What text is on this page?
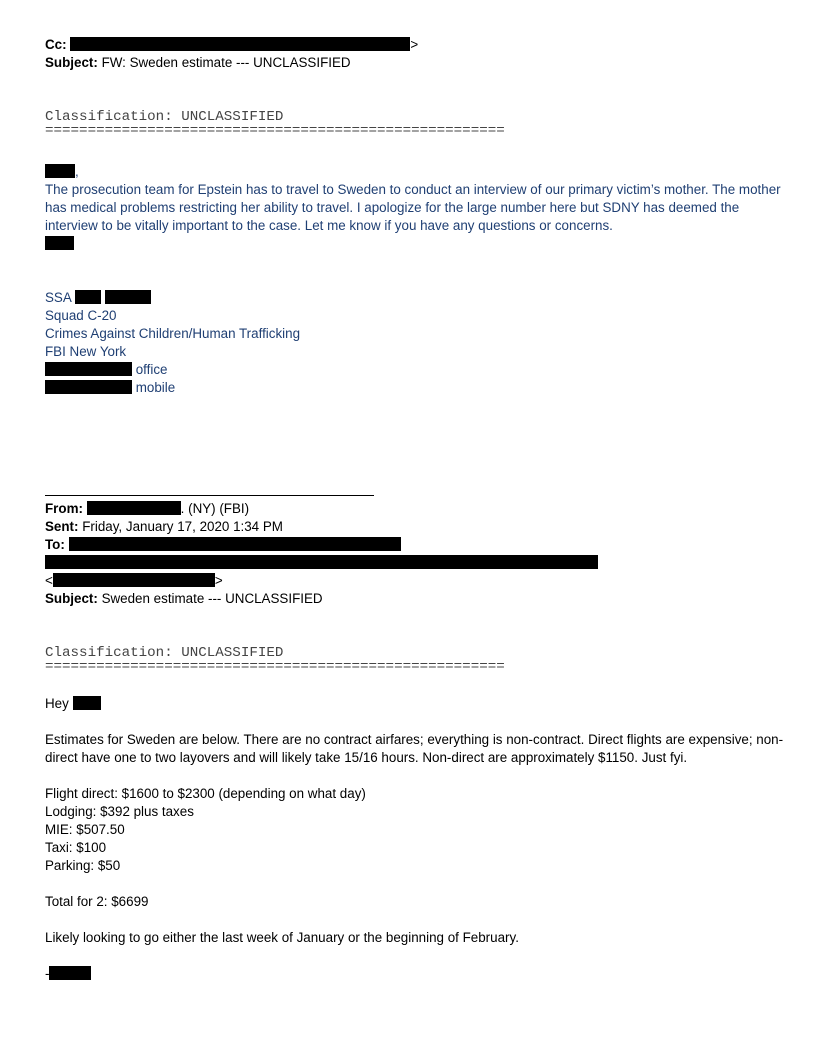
Cc:	>
Subject: FW: Sweden estimate --- UNCLASSIFIED
Classification: UNCLASSIFIED
======================================================
,
The prosecution team for Epstein has to travel to Sweden to conduct an interview of our primary victim’s mother. The mother has medical problems restricting her ability to travel. I apologize for the large number here but SDNY has deemed the interview to be vitally important to the case. Let me know if you have any questions or concerns.
SSA
Squad C-20
Crimes Against Children/Human Trafficking
FBI New York
office
mobile
From:	. (NY) (FBI)
Sent: Friday, January 17, 2020 1:34 PM
To:
<	>
Subject: Sweden estimate --- UNCLASSIFIED
Classification: UNCLASSIFIED
======================================================
Hey
Estimates for Sweden are below. There are no contract airfares; everything is non-contract. Direct flights are expensive; non-direct have one to two layovers and will likely take 15/16 hours. Non-direct are approximately $1150. Just fyi.
Flight direct: $1600 to $2300 (depending on what day)
Lodging: $392 plus taxes
MIE: $507.50
Taxi: $100
Parking: $50
Total for 2: $6699
Likely looking to go either the last week of January or the beginning of February.
-
